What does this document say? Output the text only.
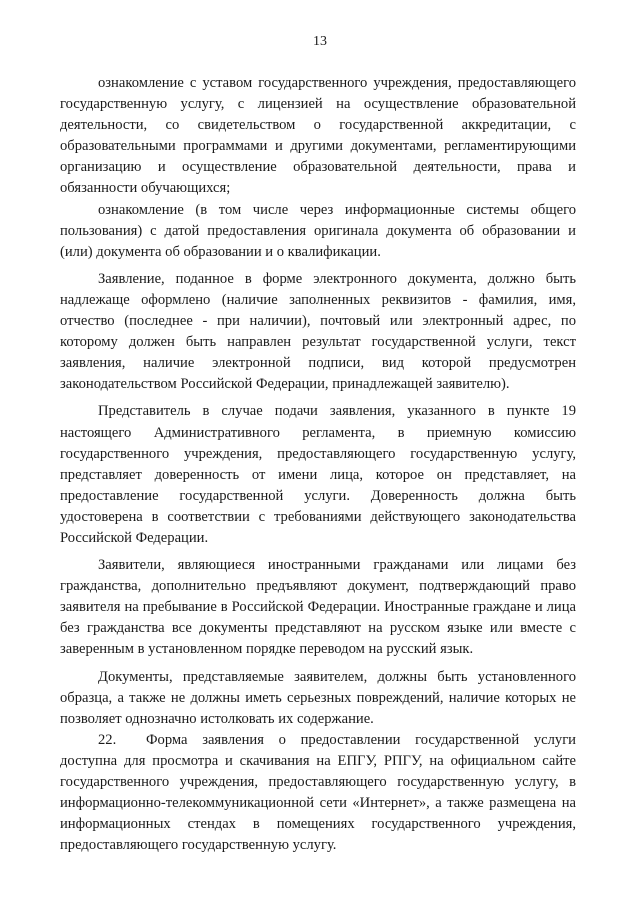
13

ознакомление с уставом государственного учреждения, предоставляющего государственную услугу, с лицензией на осуществление образовательной деятельности, со свидетельством о государственной аккредитации, с образовательными программами и другими документами, регламентирующими организацию и осуществление образовательной деятельности, права и обязанности обучающихся;

ознакомление (в том числе через информационные системы общего пользования) с датой предоставления оригинала документа об образовании и (или) документа об образовании и о квалификации.

Заявление, поданное в форме электронного документа, должно быть надлежаще оформлено (наличие заполненных реквизитов - фамилия, имя, отчество (последнее - при наличии), почтовый или электронный адрес, по которому должен быть направлен результат государственной услуги, текст заявления, наличие электронной подписи, вид которой предусмотрен законодательством Российской Федерации, принадлежащей заявителю).

Представитель в случае подачи заявления, указанного в пункте 19 настоящего Административного регламента, в приемную комиссию государственного учреждения, предоставляющего государственную услугу, представляет доверенность от имени лица, которое он представляет, на предоставление государственной услуги. Доверенность должна быть удостоверена в соответствии с требованиями действующего законодательства Российской Федерации.

Заявители, являющиеся иностранными гражданами или лицами без гражданства, дополнительно предъявляют документ, подтверждающий право заявителя на пребывание в Российской Федерации. Иностранные граждане и лица без гражданства все документы представляют на русском языке или вместе с заверенным в установленном порядке переводом на русский язык.

Документы, представляемые заявителем, должны быть установленного образца, а также не должны иметь серьезных повреждений, наличие которых не позволяет однозначно истолковать их содержание.

22. Форма заявления о предоставлении государственной услуги доступна для просмотра и скачивания на ЕПГУ, РПГУ, на официальном сайте государственного учреждения, предоставляющего государственную услугу, в информационно-телекоммуникационной сети «Интернет», а также размещена на информационных стендах в помещениях государственного учреждения, предоставляющего государственную услугу.
